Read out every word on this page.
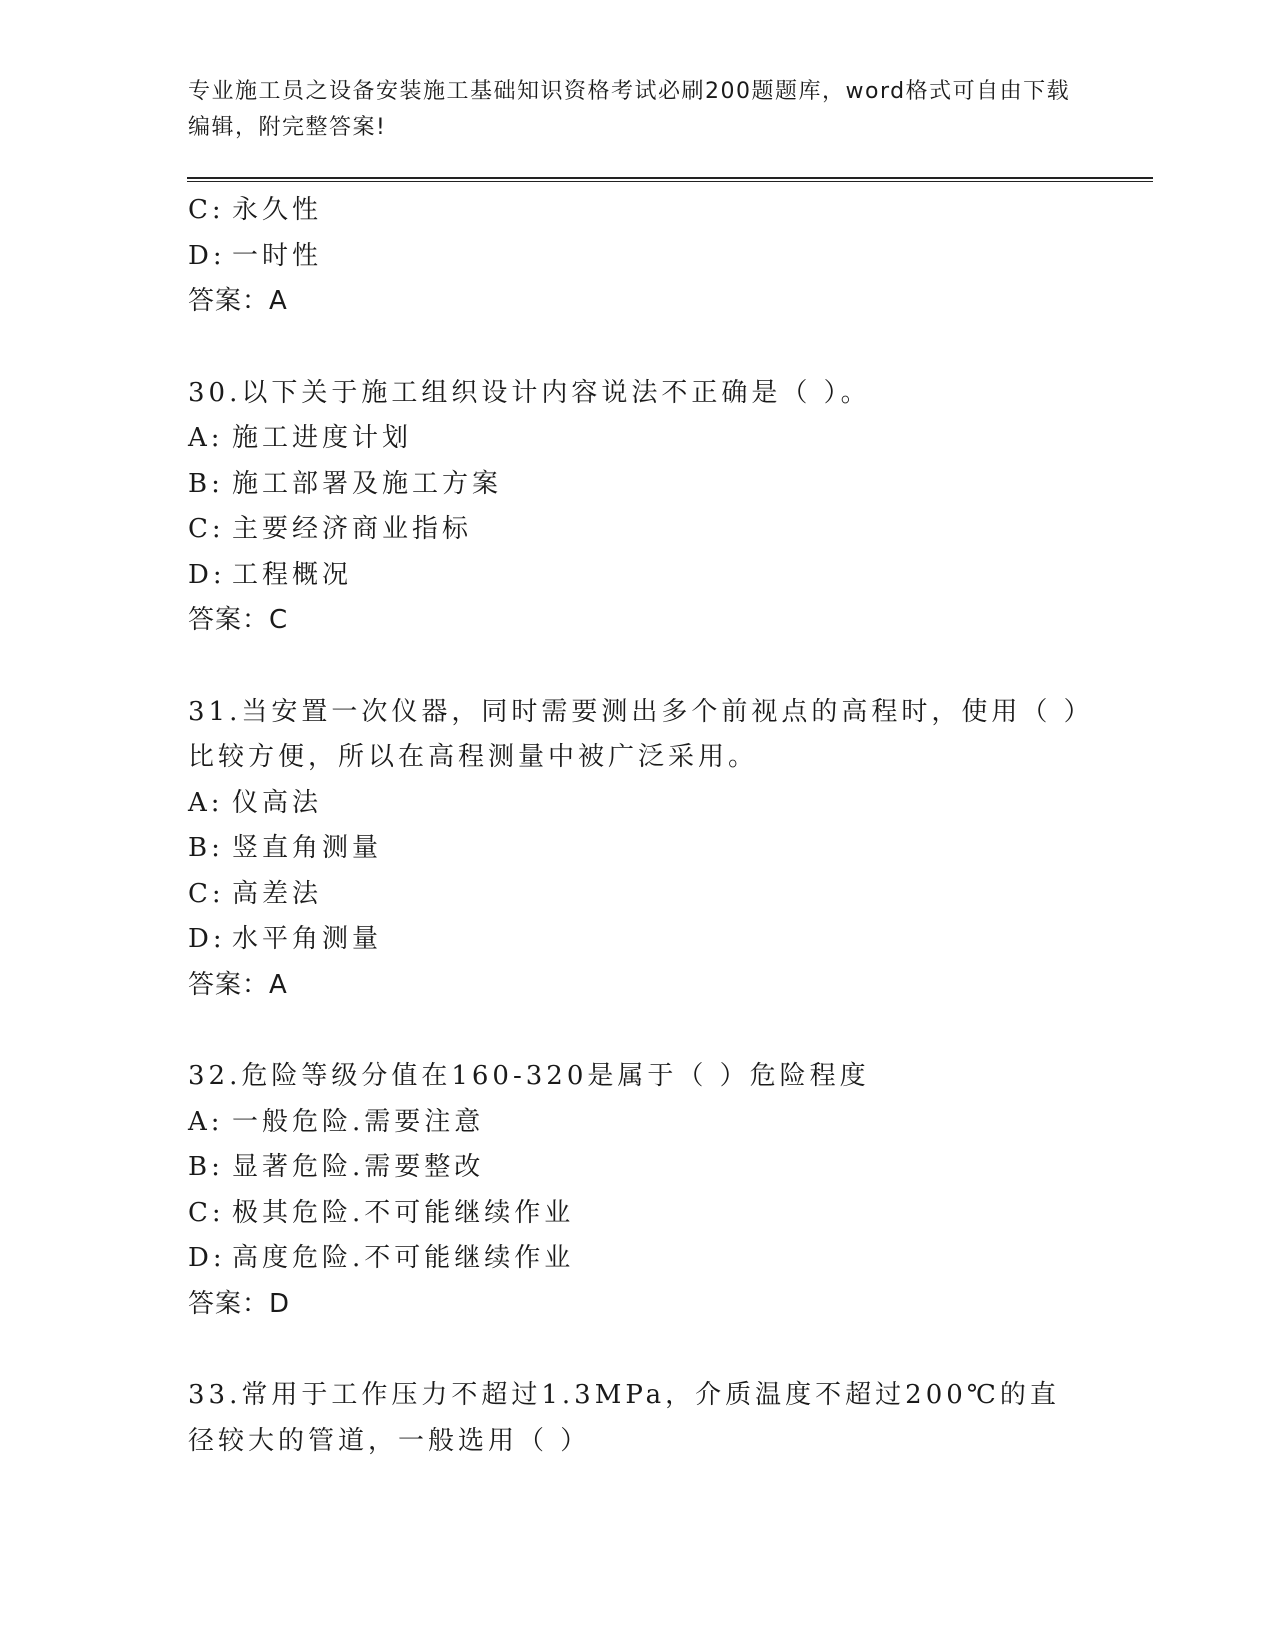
专业施工员之设备安装施工基础知识资格考试必刷200题题库，word格式可自由下载编辑，附完整答案!
C: 永久性
D: 一时性
答案：A
30.以下关于施工组织设计内容说法不正确是（ ）。
A: 施工进度计划
B: 施工部署及施工方案
C: 主要经济商业指标
D: 工程概况
答案：C
31.当安置一次仪器，同时需要测出多个前视点的高程时，使用（ ）比较方便，所以在高程测量中被广泛采用。
A: 仪高法
B: 竖直角测量
C: 高差法
D: 水平角测量
答案：A
32.危险等级分值在160-320是属于（ ）危险程度
A: 一般危险.需要注意
B: 显著危险.需要整改
C: 极其危险.不可能继续作业
D: 高度危险.不可能继续作业
答案：D
33.常用于工作压力不超过1.3MPa，介质温度不超过200℃的直径较大的管道，一般选用（ ）
